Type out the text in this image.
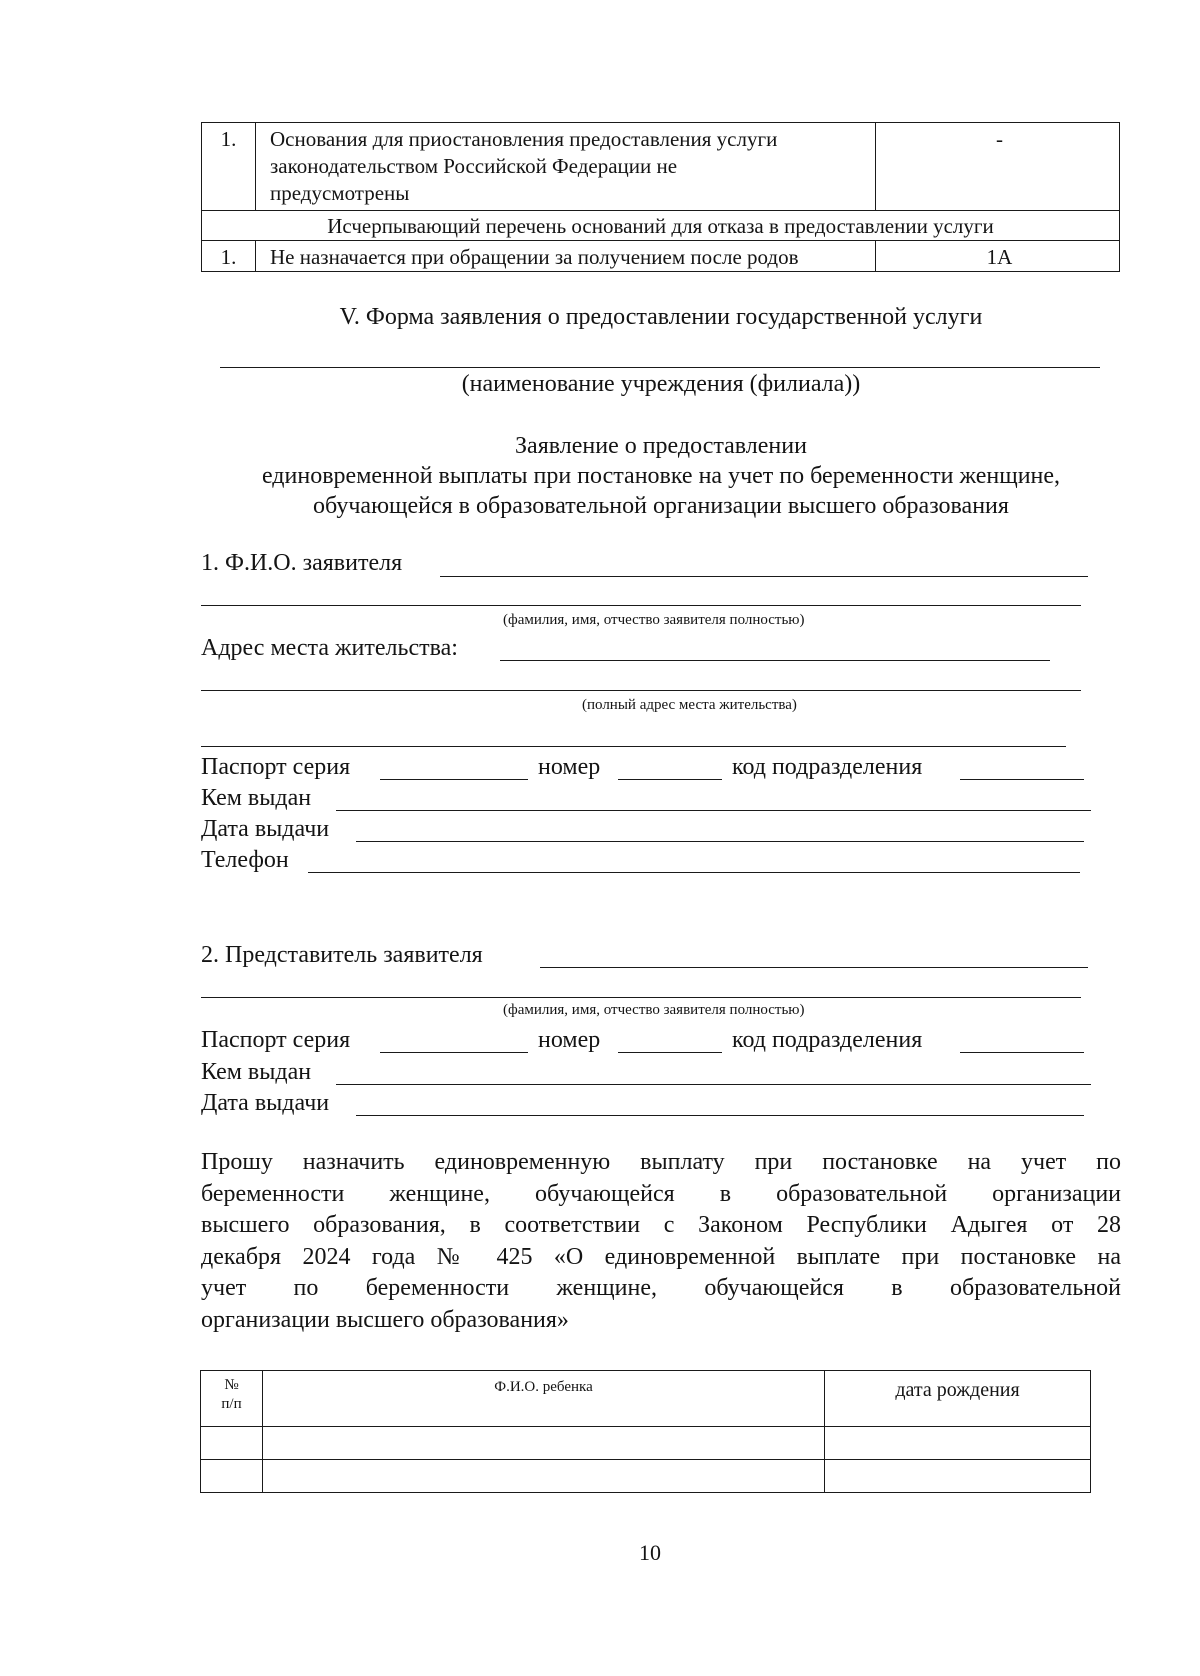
1.	Основания для приостановления предоставления услуги
законодательством Российской Федерации не
предусмотрены	-
Исчерпывающий перечень оснований для отказа в предоставлении услуги		
1.	Не назначается при обращении за получением после родов	1А
V. Форма заявления о предоставлении государственной услуги
(наименование учреждения (филиала))
Заявление о предоставлении
единовременной выплаты при постановке на учет по беременности женщине,
обучающейся в образовательной организации высшего образования
1. Ф.И.О. заявителя
(фамилия, имя, отчество заявителя полностью)
Адрес места жительства:
(полный адрес места жительства)
Паспорт серия	номер	код подразделения
Кем выдан
Дата выдачи
Телефон
2. Представитель заявителя
(фамилия, имя, отчество заявителя полностью)
Паспорт серия	номер	код подразделения
Кем выдан
Дата выдачи
Прошу назначить единовременную выплату при постановке на учет по
беременности женщине, обучающейся в образовательной организации
высшего образования, в соответствии с Законом Республики Адыгея от 28
декабря 2024 года № 425 «О единовременной выплате при постановке на
учет по беременности женщине, обучающейся в образовательной
организации высшего образования»
№
п/п	Ф.И.О. ребенка	дата рождения

10
